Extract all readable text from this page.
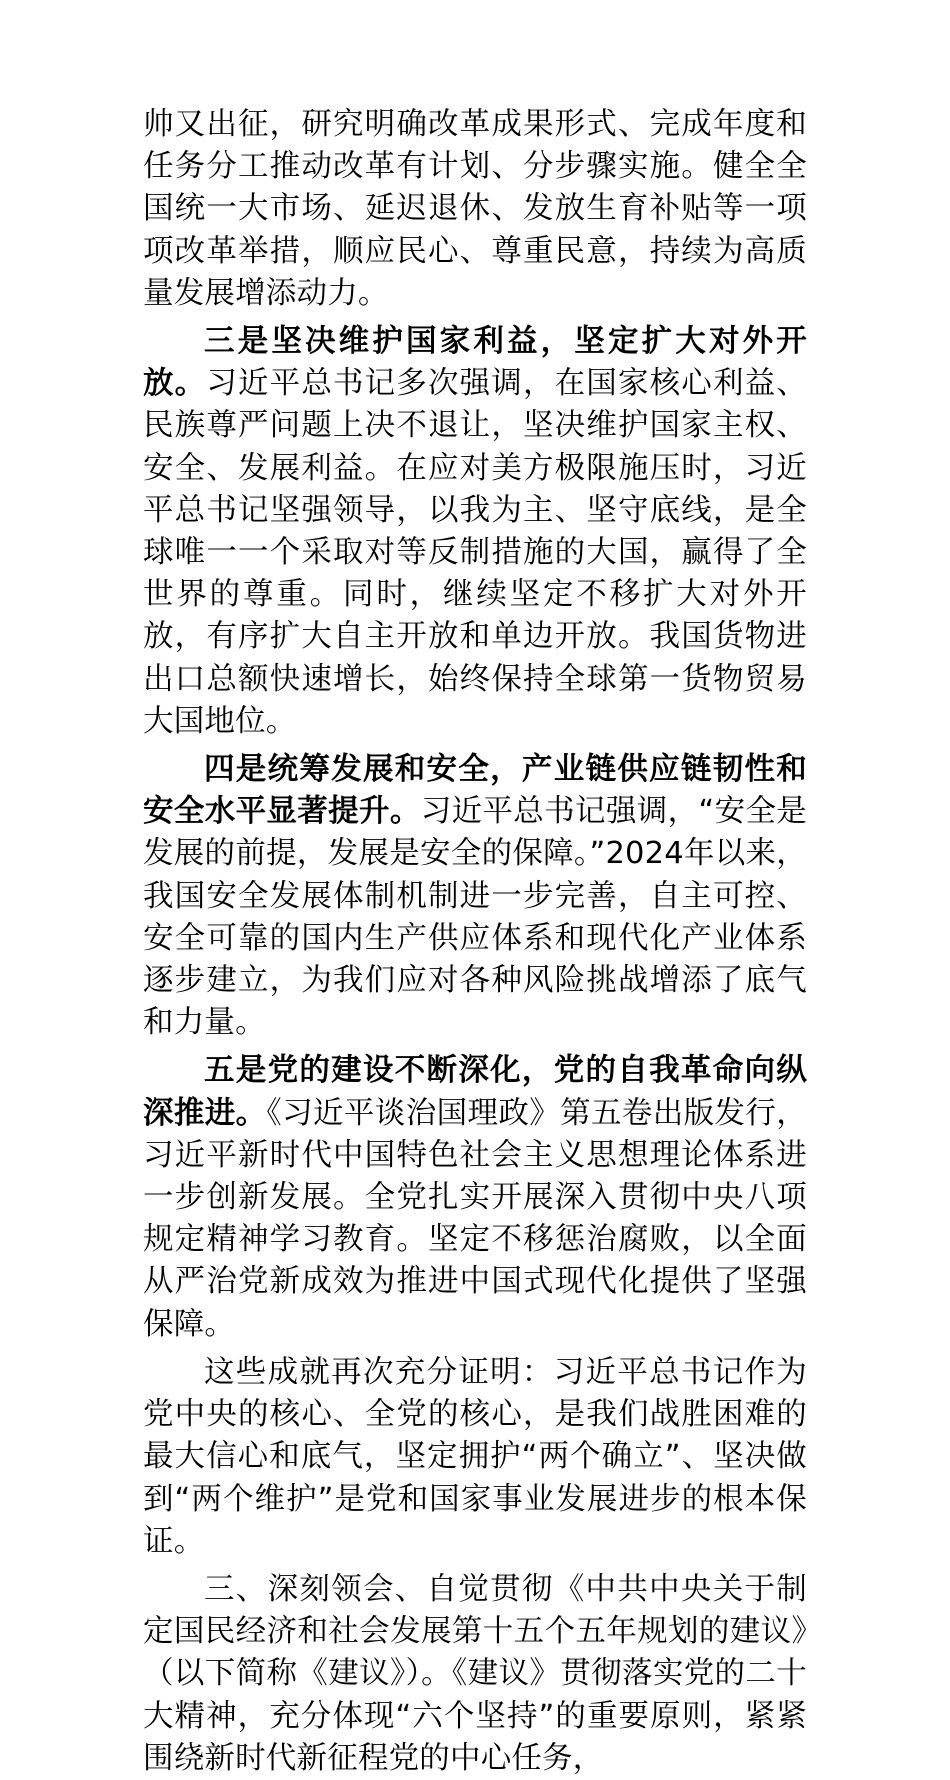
帅又出征，研究明确改革成果形式、完成年度和任务分工推动改革有计划、分步骤实施。健全全国统一大市场、延迟退休、发放生育补贴等一项项改革举措，顺应民心、尊重民意，持续为高质量发展增添动力。

三是坚决维护国家利益，坚定扩大对外开放。习近平总书记多次强调，在国家核心利益、民族尊严问题上决不退让，坚决维护国家主权、安全、发展利益。在应对美方极限施压时，习近平总书记坚强领导，以我为主、坚守底线，是全球唯一一个采取对等反制措施的大国，赢得了全世界的尊重。同时，继续坚定不移扩大对外开放，有序扩大自主开放和单边开放。我国货物进出口总额快速增长，始终保持全球第一货物贸易大国地位。

四是统筹发展和安全，产业链供应链韧性和安全水平显著提升。习近平总书记强调，“安全是发展的前提，发展是安全的保障。”2024年以来，我国安全发展体制机制进一步完善，自主可控、安全可靠的国内生产供应体系和现代化产业体系逐步建立，为我们应对各种风险挑战增添了底气和力量。

五是党的建设不断深化，党的自我革命向纵深推进。《习近平谈治国理政》第五卷出版发行，习近平新时代中国特色社会主义思想理论体系进一步创新发展。全党扎实开展深入贯彻中央八项规定精神学习教育。坚定不移惩治腐败，以全面从严治党新成效为推进中国式现代化提供了坚强保障。

这些成就再次充分证明：习近平总书记作为党中央的核心、全党的核心，是我们战胜困难的最大信心和底气，坚定拥护“两个确立”、坚决做到“两个维护”是党和国家事业发展进步的根本保证。

三、深刻领会、自觉贯彻《中共中央关于制定国民经济和社会发展第十五个五年规划的建议》（以下简称《建议》）。《建议》贯彻落实党的二十大精神，充分体现“六个坚持”的重要原则，紧紧围绕新时代新征程党的中心任务，
